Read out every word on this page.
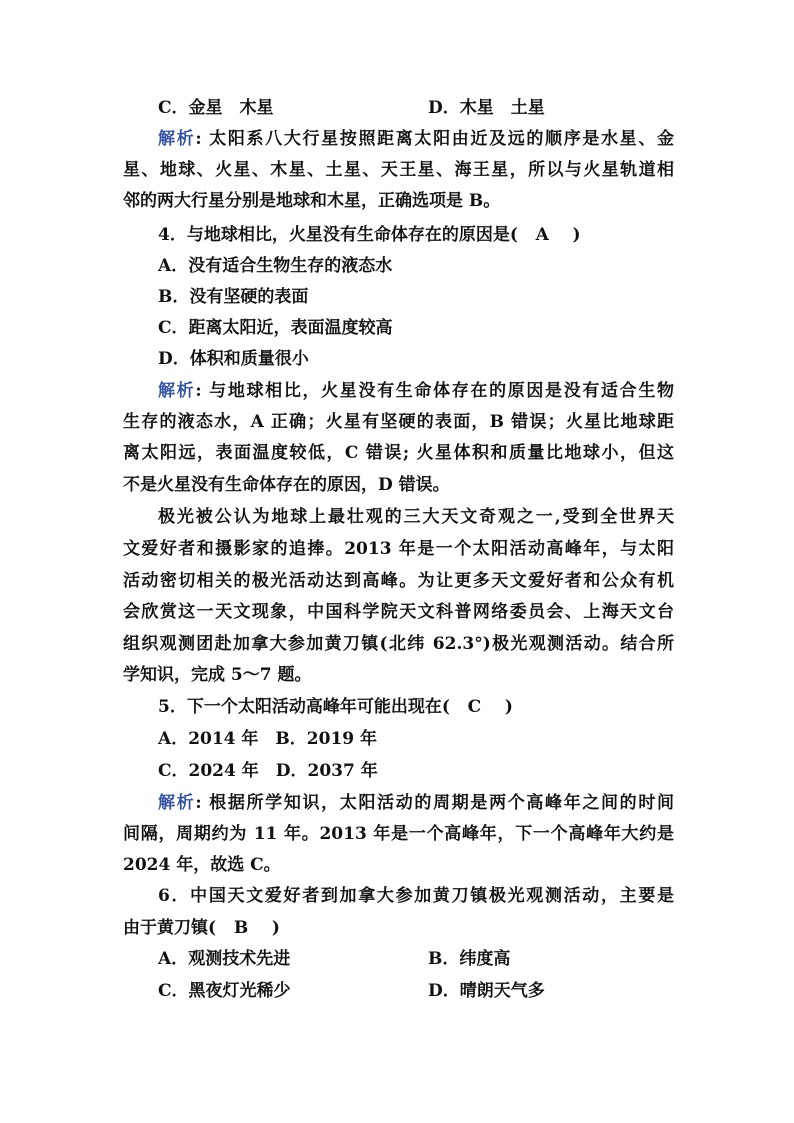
C．金星　木星	D．木星　土星
解析: 太阳系八大行星按照距离太阳由近及远的顺序是水星、金
星、地球、火星、木星、土星、天王星、海王星，所以与火星轨道相
邻的两大行星分别是地球和木星，正确选项是 B。
4．与地球相比，火星没有生命体存在的原因是( A )
A．没有适合生物生存的液态水
B．没有坚硬的表面
C．距离太阳近，表面温度较高
D．体积和质量很小
解析: 与地球相比，火星没有生命体存在的原因是没有适合生物
生存的液态水，A 正确；火星有坚硬的表面，B 错误；火星比地球距
离太阳远，表面温度较低，C 错误; 火星体积和质量比地球小，但这
不是火星没有生命体存在的原因，D 错误。
极光被公认为地球上最壮观的三大天文奇观之一,受到全世界天
文爱好者和摄影家的追捧。2013 年是一个太阳活动高峰年，与太阳
活动密切相关的极光活动达到高峰。为让更多天文爱好者和公众有机
会欣赏这一天文现象，中国科学院天文科普网络委员会、上海天文台
组织观测团赴加拿大参加黄刀镇(北纬 62.3°)极光观测活动。结合所
学知识，完成 5～7 题。
5．下一个太阳活动高峰年可能出现在( C )
A．2014 年　B．2019 年
C．2024 年　D．2037 年
解析: 根据所学知识，太阳活动的周期是两个高峰年之间的时间
间隔，周期约为 11 年。2013 年是一个高峰年，下一个高峰年大约是
2024 年，故选 C。
6．中国天文爱好者到加拿大参加黄刀镇极光观测活动，主要是
由于黄刀镇( B )
A．观测技术先进	B．纬度高
C．黑夜灯光稀少	D．晴朗天气多
